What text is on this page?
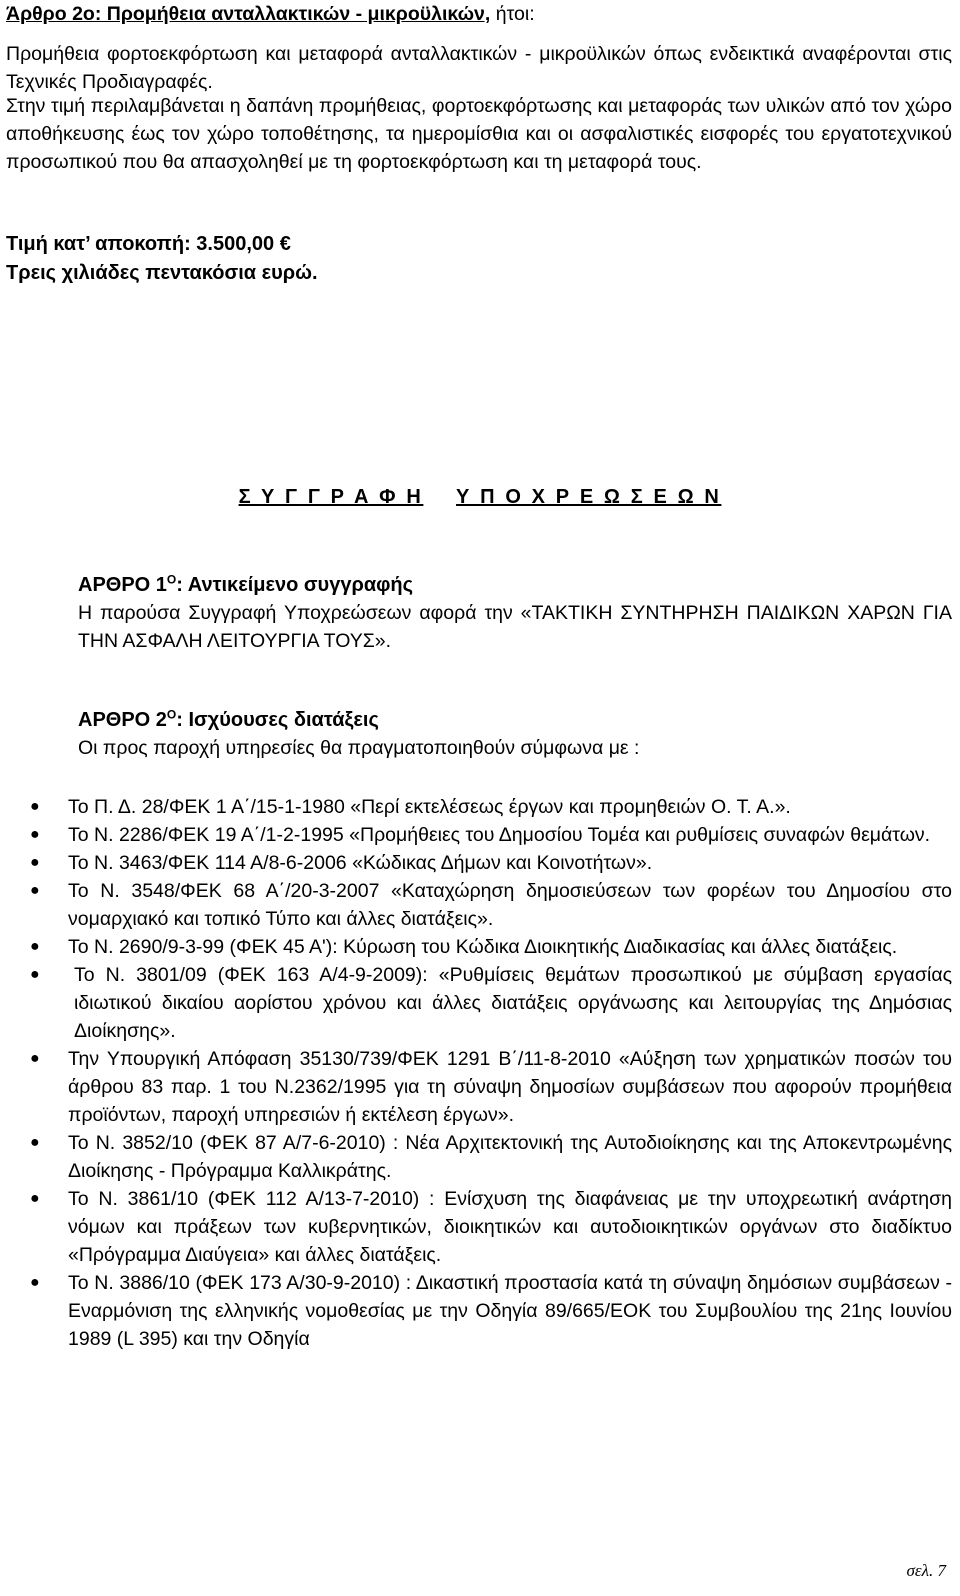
Άρθρο 2ο: Προμήθεια ανταλλακτικών - μικροϋλικών, ήτοι:
Προμήθεια φορτοεκφόρτωση και μεταφορά ανταλλακτικών - μικροϋλικών όπως ενδεικτικά αναφέρονται στις Τεχνικές Προδιαγραφές.
Στην τιμή περιλαμβάνεται η δαπάνη προμήθειας, φορτοεκφόρτωσης και μεταφοράς των υλικών από τον χώρο αποθήκευσης έως τον χώρο τοποθέτησης, τα ημερομίσθια και οι ασφαλιστικές εισφορές του εργατοτεχνικού προσωπικού που θα απασχοληθεί με τη φορτοεκφόρτωση και τη μεταφορά τους.
Τιμή κατ’ αποκοπή: 3.500,00 €
Τρεις χιλιάδες πεντακόσια ευρώ.
Σ Υ Γ Γ Ρ Α Φ Η Υ Π Ο Χ Ρ Ε Ω Σ Ε Ω Ν
ΑΡΘΡΟ $1^O$: Αντικείμενο συγγραφής
Η παρούσα Συγγραφή Υποχρεώσεων αφορά την «ΤΑΚΤΙΚΗ ΣΥΝΤΗΡΗΣΗ ΠΑΙΔΙΚΩΝ ΧΑΡΩΝ ΓΙΑ ΤΗΝ ΑΣΦΑΛΗ ΛΕΙΤΟΥΡΓΙΑ ΤΟΥΣ».
ΑΡΘΡΟ $2^O$: Ισχύουσες διατάξεις
Οι προς παροχή υπηρεσίες θα πραγματοποιηθούν σύμφωνα με :
● Το Π. Δ. 28/ΦΕΚ 1 Α΄/15-1-1980 «Περί εκτελέσεως έργων και προμηθειών Ο. Τ. Α.».
● Το Ν. 2286/ΦΕΚ 19 Α΄/1-2-1995 «Προμήθειες του Δημοσίου Τομέα και ρυθμίσεις συναφών θεμάτων.
● Το Ν. 3463/ΦΕΚ 114 Α/8-6-2006 «Κώδικας Δήμων και Κοινοτήτων».
● Το Ν. 3548/ΦΕΚ 68 Α΄/20-3-2007 «Καταχώρηση δημοσιεύσεων των φορέων του Δημοσίου στο νομαρχιακό και τοπικό Τύπο και άλλες διατάξεις».
● Το Ν. 2690/9-3-99 (ΦΕΚ 45 Α'): Κύρωση του Κώδικα Διοικητικής Διαδικασίας και άλλες διατάξεις.
● Το Ν. 3801/09 (ΦΕΚ 163 Α/4-9-2009): «Ρυθμίσεις θεμάτων προσωπικού με σύμβαση εργασίας ιδιωτικού δικαίου αορίστου χρόνου και άλλες διατάξεις οργάνωσης και λειτουργίας της Δημόσιας Διοίκησης».
● Την Υπουργική Απόφαση 35130/739/ΦΕΚ 1291 Β΄/11-8-2010 «Αύξηση των χρηματικών ποσών του άρθρου 83 παρ. 1 του Ν.2362/1995 για τη σύναψη δημοσίων συμβάσεων που αφορούν προμήθεια προϊόντων, παροχή υπηρεσιών ή εκτέλεση έργων».
● Το Ν. 3852/10 (ΦΕΚ 87 Α/7-6-2010) : Νέα Αρχιτεκτονική της Αυτοδιοίκησης και της Αποκεντρωμένης Διοίκησης - Πρόγραμμα Καλλικράτης.
● Το Ν. 3861/10 (ΦΕΚ 112 Α/13-7-2010) : Ενίσχυση της διαφάνειας με την υποχρεωτική ανάρτηση νόμων και πράξεων των κυβερνητικών, διοικητικών και αυτοδιοικητικών οργάνων στο διαδίκτυο «Πρόγραμμα Διαύγεια» και άλλες διατάξεις.
● Το Ν. 3886/10 (ΦΕΚ 173 Α/30-9-2010) : Δικαστική προστασία κατά τη σύναψη δημόσιων συμβάσεων - Εναρμόνιση της ελληνικής νομοθεσίας με την Οδηγία 89/665/ΕΟΚ του Συμβουλίου της 21ης Ιουνίου 1989 (L 395) και την Οδηγία
σελ. 7
